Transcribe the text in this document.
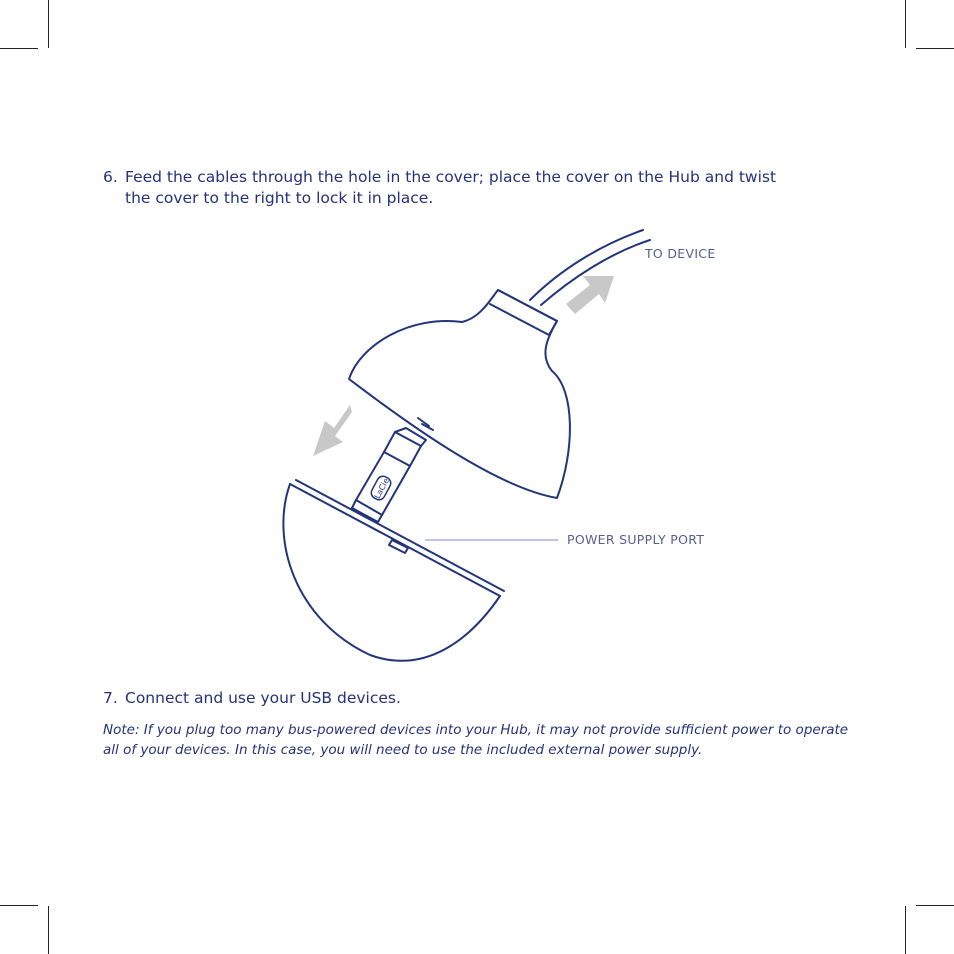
6. Feed the cables through the hole in the cover; place the cover on the Hub and twist
the cover to the right to lock it in place.
LaCie
TO DEVICE
POWER SUPPLY PORT
7. Connect and use your USB devices.
Note: If you plug too many bus-powered devices into your Hub, it may not provide sufficient power to operate all of your devices. In this case, you will need to use the included external power supply.
